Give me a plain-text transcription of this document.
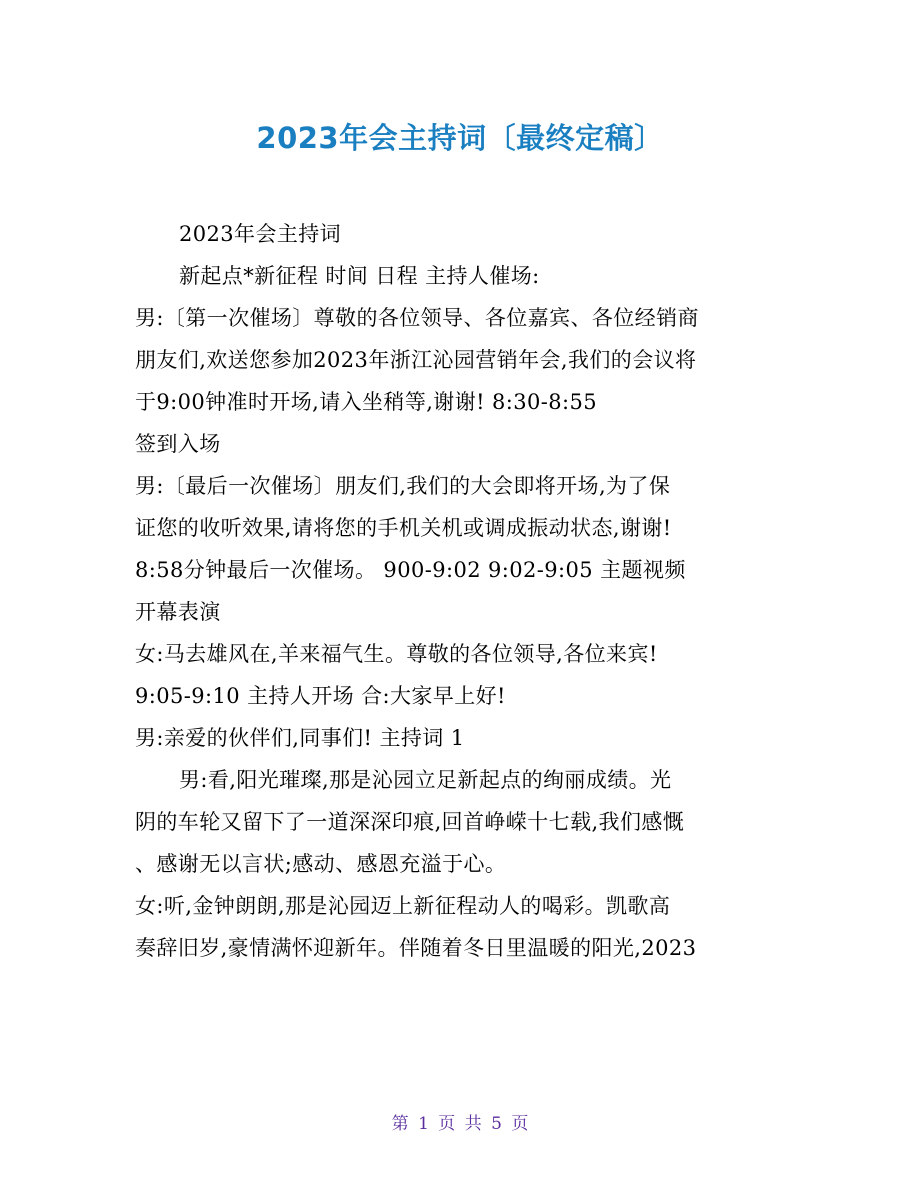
2023年会主持词〔最终定稿〕
2023年会主持词
新起点*新征程 时间 日程 主持人催场:
男:〔第一次催场〕尊敬的各位领导、各位嘉宾、各位经销商
朋友们,欢送您参加2023年浙江沁园营销年会,我们的会议将
于9:00钟准时开场,请入坐稍等,谢谢! 8:30-8:55
签到入场
男:〔最后一次催场〕朋友们,我们的大会即将开场,为了保
证您的收听效果,请将您的手机关机或调成振动状态,谢谢!
8:58分钟最后一次催场。 900-9:02 9:02-9:05 主题视频
开幕表演
女:马去雄风在,羊来福气生。尊敬的各位领导,各位来宾!
9:05-9:10 主持人开场 合:大家早上好!
男:亲爱的伙伴们,同事们! 主持词 1
男:看,阳光璀璨,那是沁园立足新起点的绚丽成绩。光
阴的车轮又留下了一道深深印痕,回首峥嵘十七载,我们感慨
、感谢无以言状;感动、感恩充溢于心。
女:听,金钟朗朗,那是沁园迈上新征程动人的喝彩。凯歌高
奏辞旧岁,豪情满怀迎新年。伴随着冬日里温暖的阳光,2023
第 1 页 共 5 页
